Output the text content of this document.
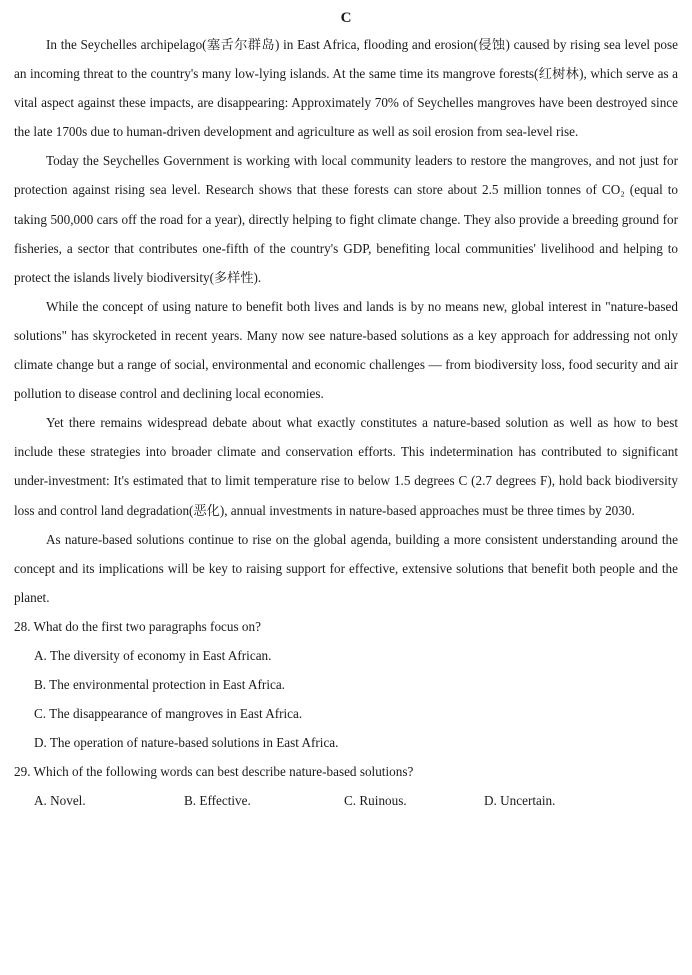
C

In the Seychelles archipelago(塞舌尔群岛) in East Africa, flooding and erosion(侵蚀) caused by rising sea level pose an incoming threat to the country's many low-lying islands. At the same time its mangrove forests(红树林), which serve as a vital aspect against these impacts, are disappearing: Approximately 70% of Seychelles mangroves have been destroyed since the late 1700s due to human-driven development and agriculture as well as soil erosion from sea-level rise.

Today the Seychelles Government is working with local community leaders to restore the mangroves, and not just for protection against rising sea level. Research shows that these forests can store about 2.5 million tonnes of CO₂ (equal to taking 500,000 cars off the road for a year), directly helping to fight climate change. They also provide a breeding ground for fisheries, a sector that contributes one-fifth of the country's GDP, benefiting local communities' livelihood and helping to protect the islands lively biodiversity(多样性).

While the concept of using nature to benefit both lives and lands is by no means new, global interest in "nature-based solutions" has skyrocketed in recent years. Many now see nature-based solutions as a key approach for addressing not only climate change but a range of social, environmental and economic challenges — from biodiversity loss, food security and air pollution to disease control and declining local economies.

Yet there remains widespread debate about what exactly constitutes a nature-based solution as well as how to best include these strategies into broader climate and conservation efforts. This indetermination has contributed to significant under-investment: It's estimated that to limit temperature rise to below 1.5 degrees C (2.7 degrees F), hold back biodiversity loss and control land degradation(恶化), annual investments in nature-based approaches must be three times by 2030.

As nature-based solutions continue to rise on the global agenda, building a more consistent understanding around the concept and its implications will be key to raising support for effective, extensive solutions that benefit both people and the planet.

28. What do the first two paragraphs focus on?

A. The diversity of economy in East African.

B. The environmental protection in East Africa.

C. The disappearance of mangroves in East Africa.

D. The operation of nature-based solutions in East Africa.

29. Which of the following words can best describe nature-based solutions?

A. Novel.	B. Effective.	C. Ruinous.	D. Uncertain.
